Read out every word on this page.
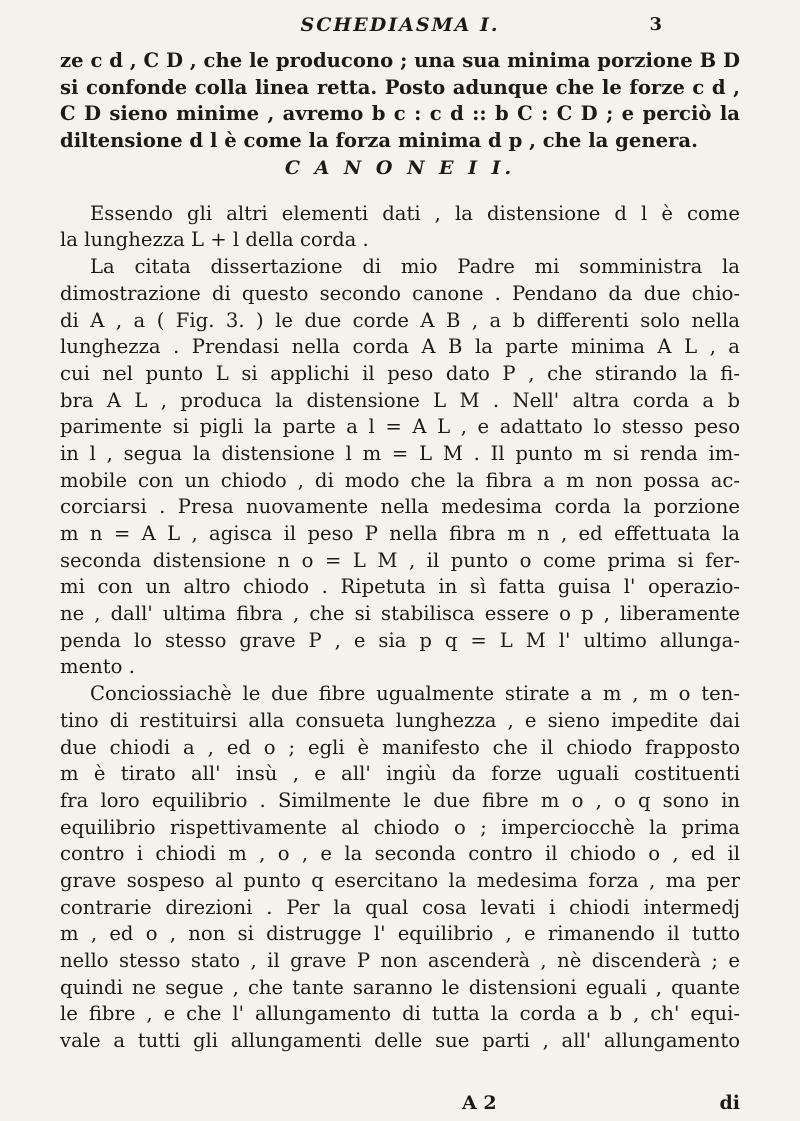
SCHEDIASMA I.	3
ze c d , C D , che le producono ; una sua minima porzione B D
si confonde colla linea retta. Posto adunque che le forze c d ,
C D sieno minime , avremo b c : c d :: b C : C D ; e perciò la
diltensione d l è come la forza minima d p , che la genera.
C A N O N E I I.
Essendo gli altri elementi dati , la distensione d l è come
la lunghezza L + l della corda .
La citata dissertazione di mio Padre mi somministra la
dimostrazione di questo secondo canone . Pendano da due chio-
di A , a ( Fig. 3. ) le due corde A B , a b differenti solo nella
lunghezza . Prendasi nella corda A B la parte minima A L , a
cui nel punto L si applichi il peso dato P , che stirando la fi-
bra A L , produca la distensione L M . Nell' altra corda a b
parimente si pigli la parte a l = A L , e adattato lo stesso peso
in l , segua la distensione l m = L M . Il punto m si renda im-
mobile con un chiodo , di modo che la fibra a m non possa ac-
corciarsi . Presa nuovamente nella medesima corda la porzione
m n = A L , agisca il peso P nella fibra m n , ed effettuata la
seconda distensione n o = L M , il punto o come prima si fer-
mi con un altro chiodo . Ripetuta in sì fatta guisa l' operazio-
ne , dall' ultima fibra , che si stabilisca essere o p , liberamente
penda lo stesso grave P , e sia p q = L M l' ultimo allunga-
mento .
Conciossiachè le due fibre ugualmente stirate a m , m o ten-
tino di restituirsi alla consueta lunghezza , e sieno impedite dai
due chiodi a , ed o ; egli è manifesto che il chiodo frapposto
m è tirato all' insù , e all' ingiù da forze uguali costituenti
fra loro equilibrio . Similmente le due fibre m o , o q sono in
equilibrio rispettivamente al chiodo o ; imperciocchè la prima
contro i chiodi m , o , e la seconda contro il chiodo o , ed il
grave sospeso al punto q esercitano la medesima forza , ma per
contrarie direzioni . Per la qual cosa levati i chiodi intermedj
m , ed o , non si distrugge l' equilibrio , e rimanendo il tutto
nello stesso stato , il grave P non ascenderà , nè discenderà ; e
quindi ne segue , che tante saranno le distensioni eguali , quante
le fibre , e che l' allungamento di tutta la corda a b , ch' equi-
vale a tutti gli allungamenti delle sue parti , all' allungamento
A 2	di
